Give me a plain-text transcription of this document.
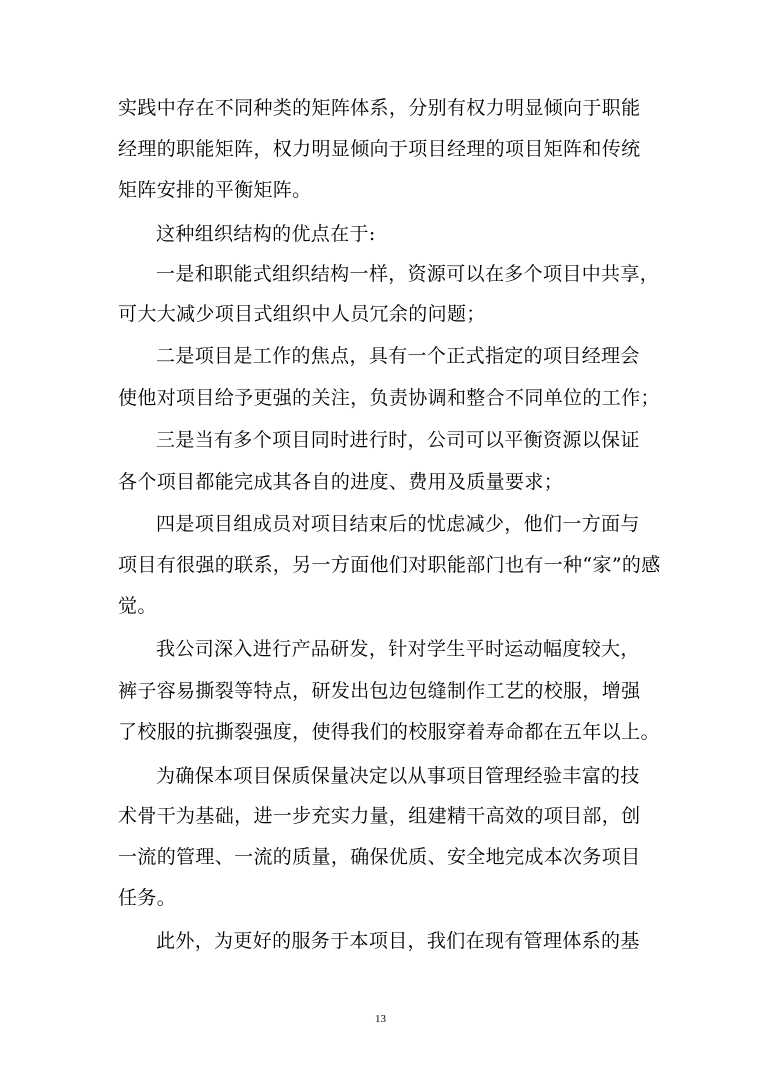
实践中存在不同种类的矩阵体系，分别有权力明显倾向于职能
经理的职能矩阵，权力明显倾向于项目经理的项目矩阵和传统
矩阵安排的平衡矩阵。
这种组织结构的优点在于:
一是和职能式组织结构一样，资源可以在多个项目中共享，
可大大减少项目式组织中人员冗余的问题；
二是项目是工作的焦点，具有一个正式指定的项目经理会
使他对项目给予更强的关注，负责协调和整合不同单位的工作；
三是当有多个项目同时进行时，公司可以平衡资源以保证
各个项目都能完成其各自的进度、费用及质量要求；
四是项目组成员对项目结束后的忧虑减少，他们一方面与
项目有很强的联系，另一方面他们对职能部门也有一种“家”的感
觉。
我公司深入进行产品研发，针对学生平时运动幅度较大，
裤子容易撕裂等特点，研发出包边包缝制作工艺的校服，增强
了校服的抗撕裂强度，使得我们的校服穿着寿命都在五年以上。
为确保本项目保质保量决定以从事项目管理经验丰富的技
术骨干为基础，进一步充实力量，组建精干高效的项目部，创
一流的管理、一流的质量，确保优质、安全地完成本次务项目
任务。
此外，为更好的服务于本项目，我们在现有管理体系的基
13
